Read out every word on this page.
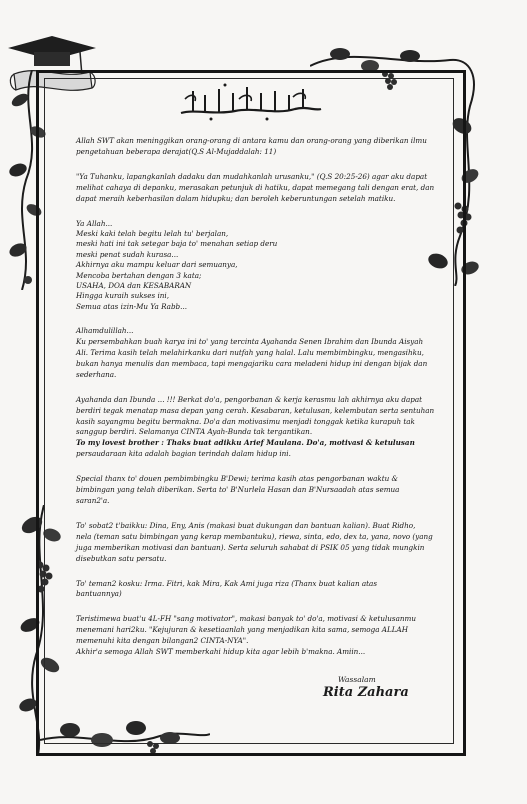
Allah SWT akan meninggikan orang-orang di antara kamu dan orang-orang yang diberikan ilmu
pengetahuan beberapa derajat(Q.S Al-Mujaddalah: 11)

"Ya Tuhanku, lapangkanlah dadaku dan mudahkanlah urusanku," (Q.S 20:25-26) agar aku dapat
melihat cahaya di depanku, merasakan petunjuk di hatiku, dapat memegang tali dengan erat, dan
dapat meraih keberhasilan dalam hidupku; dan beroleh keberuntungan setelah matiku.

Ya Allah...
Meski kaki telah begitu lelah tu' berjalan,
meski hati ini tak setegar baja to' menahan setiap deru
meski penat sudah kurasa...
Akhirnya aku mampu keluar dari semuanya,
Mencoba bertahan dengan 3 kata;
USAHA, DOA dan KESABARAN
Hingga kuraih sukses ini,
Semua atas izin-Mu Ya Rabb...

Alhamdulillah...
Ku persembahkan buah karya ini to' yang tercinta Ayahanda Senen Ibrahim dan Ibunda Aisyah
Ali. Terima kasih telah melahirkanku dari nutfah yang halal. Lalu membimbingku, mengasihku,
bukan hanya menulis dan membaca, tapi mengajariku cara meladeni hidup ini dengan bijak dan
sederhana.

Ayahanda dan Ibunda ... !!! Berkat do'a, pengorbanan & kerja kerasmu lah akhirnya aku dapat
berdiri tegak menatap masa depan yang cerah. Kesabaran, ketulusan, kelembutan serta sentuhan
kasih sayangmu begitu bermakna. Do'a dan motivasimu menjadi tonggak ketika kurapuh tak
sanggup berdiri. Selamanya CINTA Ayah-Bunda tak tergantikan.
To my lovest brother : Thaks buat adikku Arief Maulana. Do'a, motivasi & ketulusan
persaudaraan kita adalah bagian terindah dalam hidup ini.

Special thanx to' douen pembimbingku B'Dewi; terima kasih atas pengorbanan waktu &
bimbingan yang telah diberikan. Serta to' B'Nurlela Hasan dan B'Nursaadah atas semua
saran2'a.

To' sobat2 t'baikku: Dina, Eny, Anis (makasi buat dukungan dan bantuan kalian). Buat Ridho,
nela (teman satu bimbingan yang kerap membantuku), riewa, sinta, edo, dex ta, yana, novo (yang
juga memberikan motivasi dan bantuan). Serta seluruh sahabat di PSIK 05 yang tidak mungkin
disebutkan satu persatu.

To' teman2 kosku: Irma. Fitri, kak Mira, Kak Ami juga riza (Thanx buat kalian atas
bantuannya)

Teristimewa buat'u 4L-FH "sang motivator", makasi banyak to' do'a, motivasi & ketulusanmu
menemani hari2ku. "Kejujuran & kesetiaanlah yang menjadikan kita sama, semoga ALLAH
memenuhi kita dengan bilangan2 CINTA-NYA".
Akhir'a semoga Allah SWT memberkahi hidup kita agar lebih b'makna. Amiin...

Wassalam
Rita Zahara
